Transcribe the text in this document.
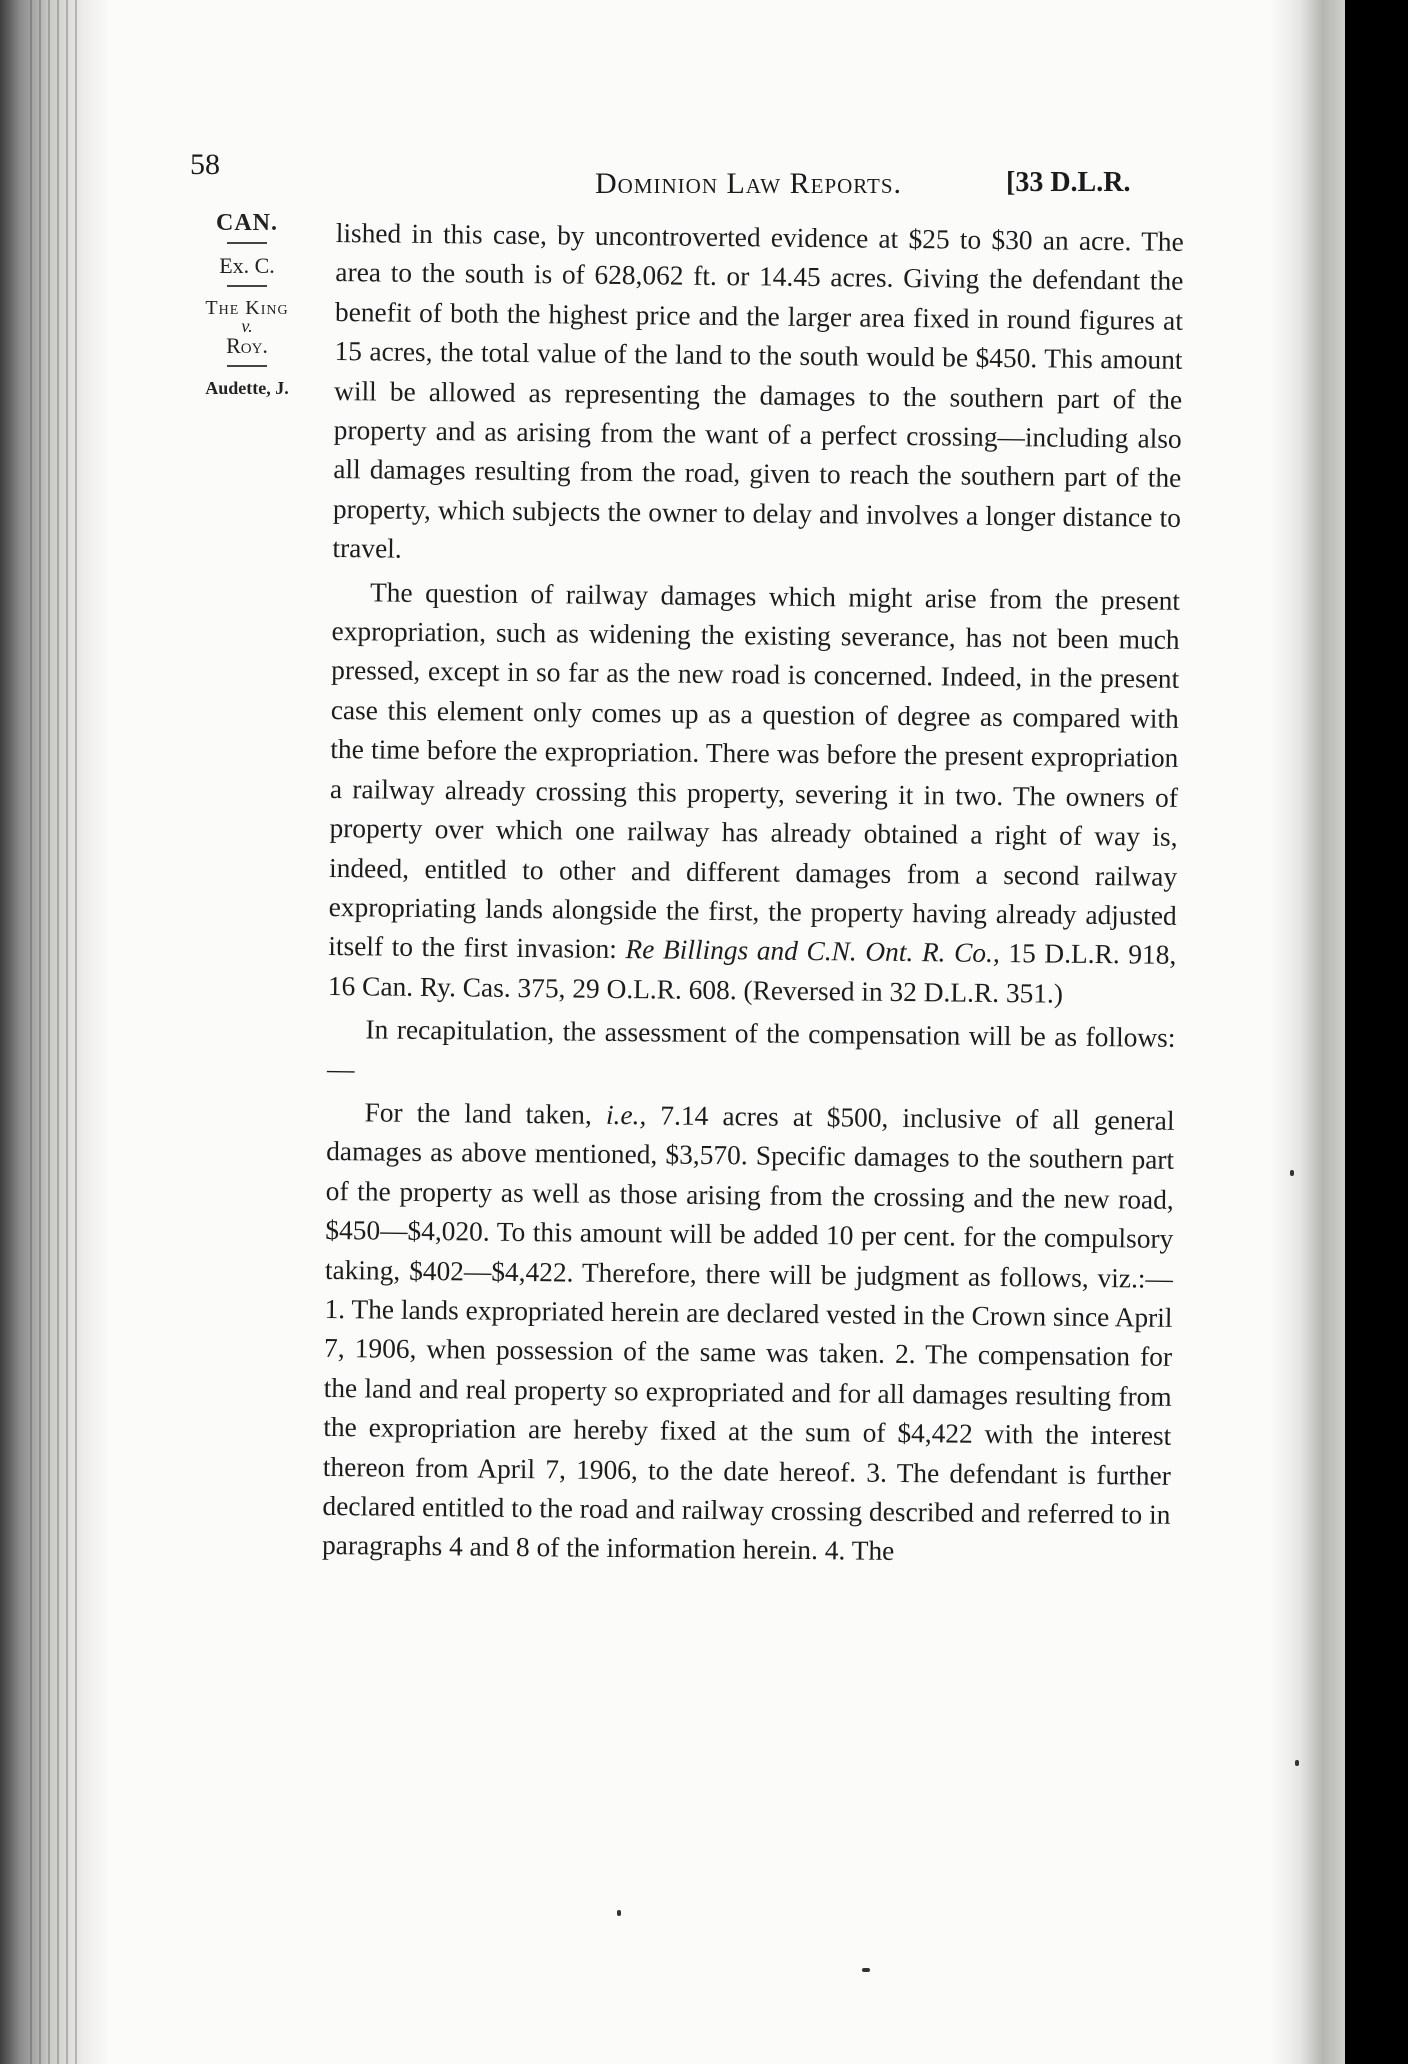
58
Dominion Law Reports.	[33 D.L.R.
CAN.
Ex. C.
The King
v.
Roy.
Audette, J.

lished in this case, by uncontroverted evidence at $25 to $30 an acre. The area to the south is of 628,062 ft. or 14.45 acres. Giving the defendant the benefit of both the highest price and the larger area fixed in round figures at 15 acres, the total value of the land to the south would be $450. This amount will be allowed as representing the damages to the southern part of the property and as arising from the want of a perfect crossing—including also all damages resulting from the road, given to reach the southern part of the property, which subjects the owner to delay and involves a longer distance to travel.

The question of railway damages which might arise from the present expropriation, such as widening the existing severance, has not been much pressed, except in so far as the new road is concerned. Indeed, in the present case this element only comes up as a question of degree as compared with the time before the expropriation. There was before the present expropriation a railway already crossing this property, severing it in two. The owners of property over which one railway has already obtained a right of way is, indeed, entitled to other and different damages from a second railway expropriating lands alongside the first, the property having already adjusted itself to the first invasion: Re Billings and C.N. Ont. R. Co., 15 D.L.R. 918, 16 Can. Ry. Cas. 375, 29 O.L.R. 608. (Reversed in 32 D.L.R. 351.)

In recapitulation, the assessment of the compensation will be as follows:—

For the land taken, i.e., 7.14 acres at $500, inclusive of all general damages as above mentioned, $3,570. Specific damages to the southern part of the property as well as those arising from the crossing and the new road, $450—$4,020. To this amount will be added 10 per cent. for the compulsory taking, $402—$4,422. Therefore, there will be judgment as follows, viz.:—1. The lands expropriated herein are declared vested in the Crown since April 7, 1906, when possession of the same was taken. 2. The compensation for the land and real property so expropriated and for all damages resulting from the expropriation are hereby fixed at the sum of $4,422 with the interest thereon from April 7, 1906, to the date hereof. 3. The defendant is further declared entitled to the road and railway crossing described and referred to in paragraphs 4 and 8 of the information herein. 4. The
